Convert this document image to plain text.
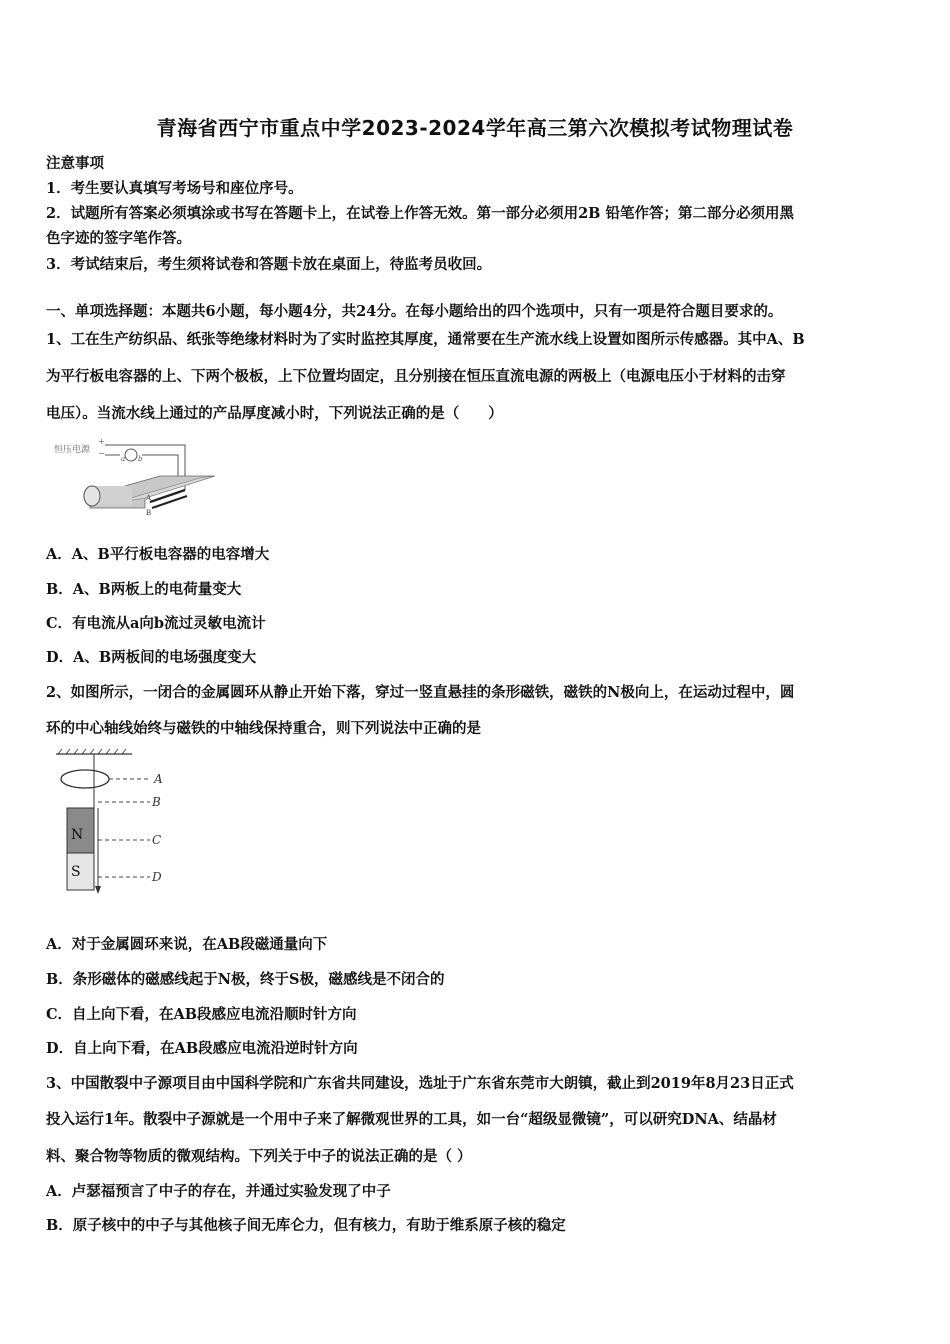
青海省西宁市重点中学2023-2024学年高三第六次模拟考试物理试卷
注意事项
1．考生要认真填写考场号和座位序号。
2．试题所有答案必须填涂或书写在答题卡上，在试卷上作答无效。第一部分必须用2B 铅笔作答；第二部分必须用黑
色字迹的签字笔作答。
3．考试结束后，考生须将试卷和答题卡放在桌面上，待监考员收回。
一、单项选择题：本题共6小题，每小题4分，共24分。在每小题给出的四个选项中，只有一项是符合题目要求的。
1、工在生产纺织品、纸张等绝缘材料时为了实时监控其厚度，通常要在生产流水线上设置如图所示传感器。其中A、B
为平行板电容器的上、下两个极板，上下位置均固定，且分别接在恒压直流电源的两极上（电源电压小于材料的击穿
电压）。当流水线上通过的产品厚度减小时，下列说法正确的是（　　）
恒压电源
+
−
a b
A
B
A．A、B平行板电容器的电容增大
B．A、B两板上的电荷量变大
C．有电流从a向b流过灵敏电流计
D．A、B两板间的电场强度变大
2、如图所示，一闭合的金属圆环从静止开始下落，穿过一竖直悬挂的条形磁铁，磁铁的N极向上，在运动过程中，圆
环的中心轴线始终与磁铁的中轴线保持重合，则下列说法中正确的是
A
B
C
D
N
S
A．对于金属圆环来说，在AB段磁通量向下
B．条形磁体的磁感线起于N极，终于S极，磁感线是不闭合的
C．自上向下看，在AB段感应电流沿顺时针方向
D．自上向下看，在AB段感应电流沿逆时针方向
3、中国散裂中子源项目由中国科学院和广东省共同建设，选址于广东省东莞市大朗镇，截止到2019年8月23日正式
投入运行1年。散裂中子源就是一个用中子来了解微观世界的工具，如一台“超级显微镜”，可以研究DNA、结晶材
料、聚合物等物质的微观结构。下列关于中子的说法正确的是（ ）
A．卢瑟福预言了中子的存在，并通过实验发现了中子
B．原子核中的中子与其他核子间无库仑力，但有核力，有助于维系原子核的稳定
